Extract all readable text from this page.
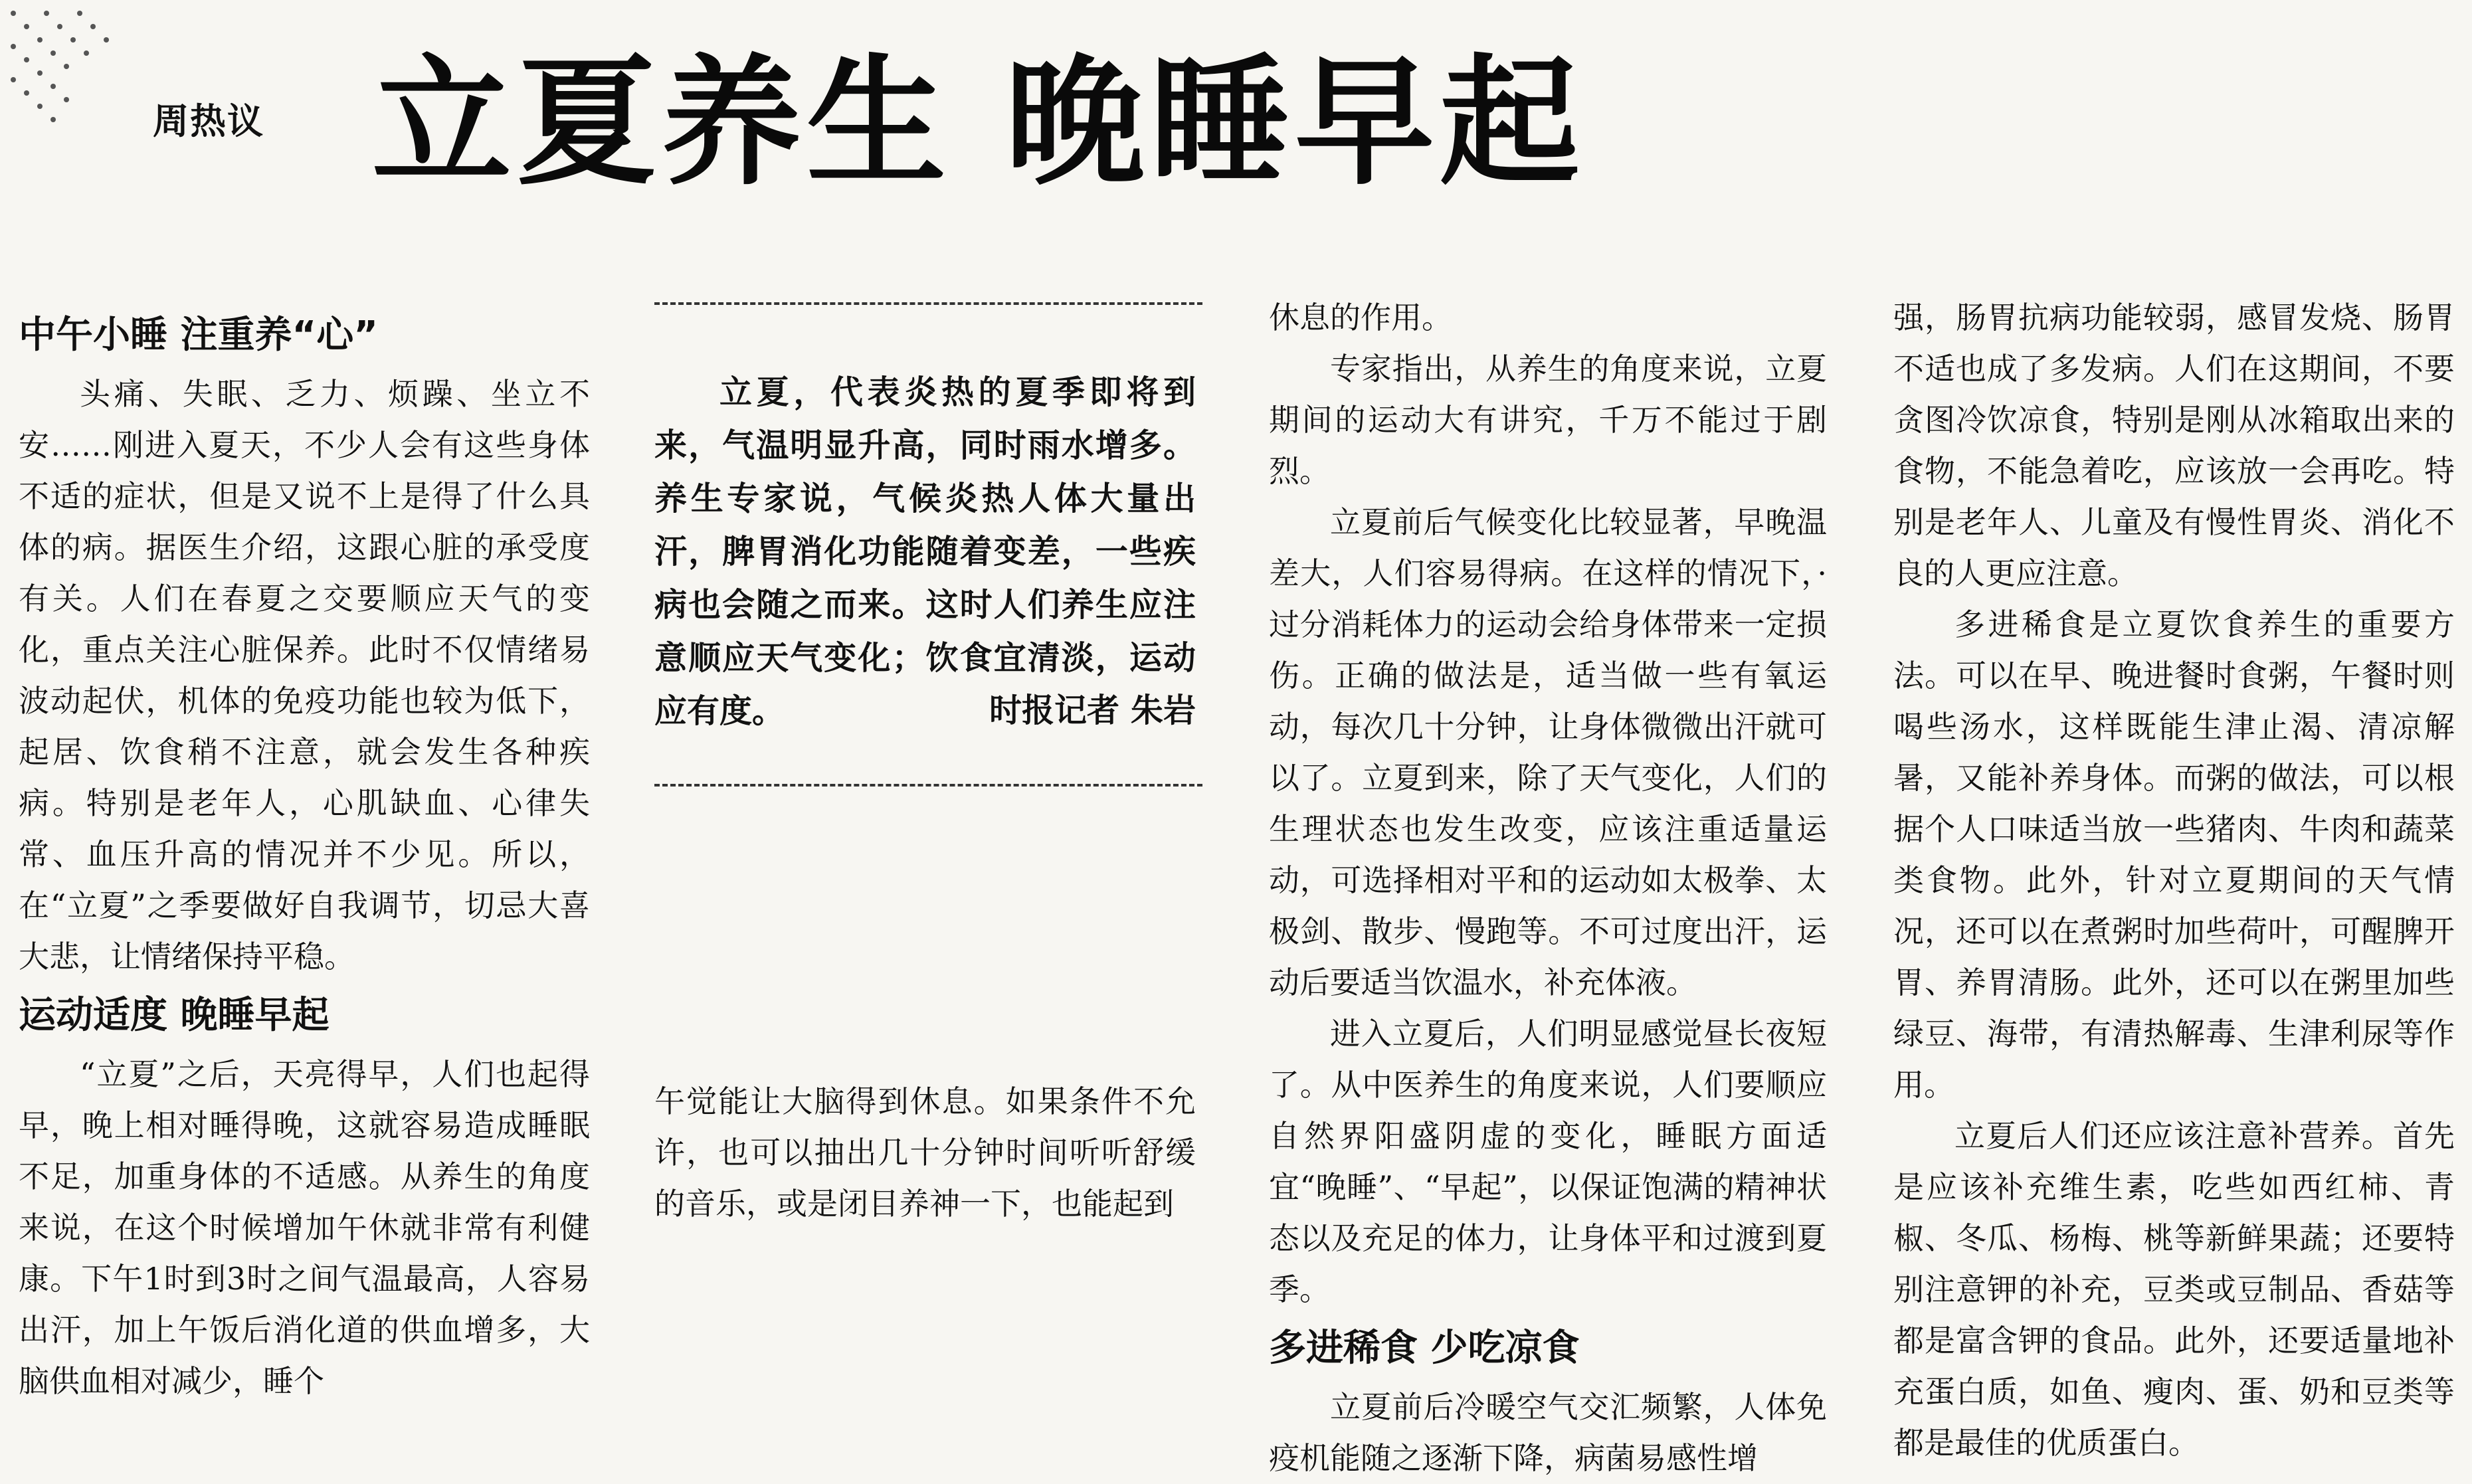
周热议 立夏养生 晚睡早起
中午小睡 注重养“心”

头痛、失眠、乏力、烦躁、坐立不安……刚进入夏天，不少人会有这些身体不适的症状，但是又说不上是得了什么具体的病。据医生介绍，这跟心脏的承受度有关。人们在春夏之交要顺应天气的变化，重点关注心脏保养。此时不仅情绪易波动起伏，机体的免疫功能也较为低下，起居、饮食稍不注意，就会发生各种疾病。特别是老年人，心肌缺血、心律失常、血压升高的情况并不少见。所以，在“立夏”之季要做好自我调节，切忌大喜大悲，让情绪保持平稳。

运动适度 晚睡早起

“立夏”之后，天亮得早，人们也起得早，晚上相对睡得晚，这就容易造成睡眠不足，加重身体的不适感。从养生的角度来说，在这个时候增加午休就非常有利健康。下午1时到3时之间气温最高，人容易出汗，加上午饭后消化道的供血增多，大脑供血相对减少，睡个

立夏，代表炎热的夏季即将到来，气温明显升高，同时雨水增多。养生专家说，气候炎热人体大量出汗，脾胃消化功能随着变差，一些疾病也会随之而来。这时人们养生应注意顺应天气变化；饮食宜清淡，运动应有度。	时报记者 朱岩

午觉能让大脑得到休息。如果条件不允许，也可以抽出几十分钟时间听听舒缓的音乐，或是闭目养神一下，也能起到

休息的作用。

专家指出，从养生的角度来说，立夏期间的运动大有讲究，千万不能过于剧烈。

立夏前后气候变化比较显著，早晚温差大，人们容易得病。在这样的情况下，·过分消耗体力的运动会给身体带来一定损伤。正确的做法是，适当做一些有氧运动，每次几十分钟，让身体微微出汗就可以了。立夏到来，除了天气变化，人们的生理状态也发生改变，应该注重适量运动，可选择相对平和的运动如太极拳、太极剑、散步、慢跑等。不可过度出汗，运动后要适当饮温水，补充体液。

进入立夏后，人们明显感觉昼长夜短了。从中医养生的角度来说，人们要顺应自然界阳盛阴虚的变化，睡眠方面适宜“晚睡”、“早起”，以保证饱满的精神状态以及充足的体力，让身体平和过渡到夏季。

多进稀食 少吃凉食

立夏前后冷暖空气交汇频繁，人体免疫机能随之逐渐下降，病菌易感性增

强，肠胃抗病功能较弱，感冒发烧、肠胃不适也成了多发病。人们在这期间，不要贪图冷饮凉食，特别是刚从冰箱取出来的食物，不能急着吃，应该放一会再吃。特别是老年人、儿童及有慢性胃炎、消化不良的人更应注意。

多进稀食是立夏饮食养生的重要方法。可以在早、晚进餐时食粥，午餐时则喝些汤水，这样既能生津止渴、清凉解暑，又能补养身体。而粥的做法，可以根据个人口味适当放一些猪肉、牛肉和蔬菜类食物。此外，针对立夏期间的天气情况，还可以在煮粥时加些荷叶，可醒脾开胃、养胃清肠。此外，还可以在粥里加些绿豆、海带，有清热解毒、生津利尿等作用。

立夏后人们还应该注意补营养。首先是应该补充维生素，吃些如西红柿、青椒、冬瓜、杨梅、桃等新鲜果蔬；还要特别注意钾的补充，豆类或豆制品、香菇等都是富含钾的食品。此外，还要适量地补充蛋白质，如鱼、瘦肉、蛋、奶和豆类等都是最佳的优质蛋白。
